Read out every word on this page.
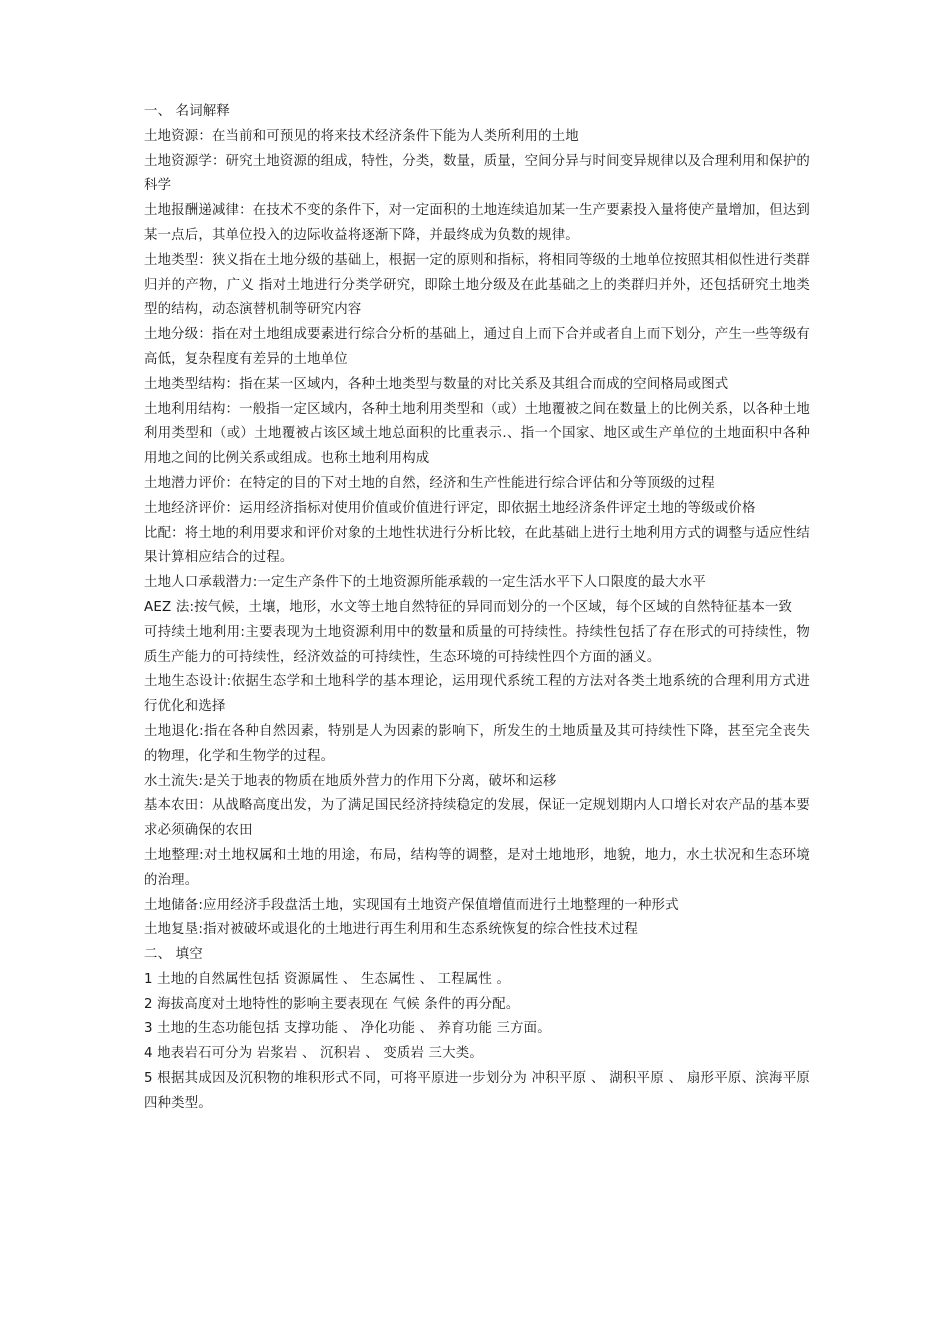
一、 名词解释

土地资源：在当前和可预见的将来技术经济条件下能为人类所利用的土地

土地资源学：研究土地资源的组成，特性，分类，数量，质量，空间分异与时间变异规律以及合理利用和保护的科学

土地报酬递减律：在技术不变的条件下，对一定面积的土地连续追加某一生产要素投入量将使产量增加，但达到某一点后，其单位投入的边际收益将逐渐下降，并最终成为负数的规律。

土地类型：狭义指在土地分级的基础上，根据一定的原则和指标，将相同等级的土地单位按照其相似性进行类群归并的产物，广义 指对土地进行分类学研究，即除土地分级及在此基础之上的类群归并外，还包括研究土地类型的结构，动态演替机制等研究内容

土地分级：指在对土地组成要素进行综合分析的基础上，通过自上而下合并或者自上而下划分，产生一些等级有高低，复杂程度有差异的土地单位

土地类型结构：指在某一区域内，各种土地类型与数量的对比关系及其组合而成的空间格局或图式

土地利用结构：一般指一定区域内，各种土地利用类型和（或）土地覆被之间在数量上的比例关系，以各种土地利用类型和（或）土地覆被占该区域土地总面积的比重表示.、指一个国家、地区或生产单位的土地面积中各种用地之间的比例关系或组成。也称土地利用构成

土地潜力评价：在特定的目的下对土地的自然，经济和生产性能进行综合评估和分等顶级的过程

土地经济评价：运用经济指标对使用价值或价值进行评定，即依据土地经济条件评定土地的等级或价格

比配：将土地的利用要求和评价对象的土地性状进行分析比较，在此基础上进行土地利用方式的调整与适应性结果计算相应结合的过程。

土地人口承载潜力:一定生产条件下的土地资源所能承载的一定生活水平下人口限度的最大水平

AEZ 法:按气候，土壤，地形，水文等土地自然特征的异同而划分的一个区域，每个区域的自然特征基本一致

可持续土地利用:主要表现为土地资源利用中的数量和质量的可持续性。持续性包括了存在形式的可持续性，物质生产能力的可持续性，经济效益的可持续性，生态环境的可持续性四个方面的涵义。

土地生态设计:依据生态学和土地科学的基本理论，运用现代系统工程的方法对各类土地系统的合理利用方式进行优化和选择

土地退化:指在各种自然因素，特别是人为因素的影响下，所发生的土地质量及其可持续性下降，甚至完全丧失的物理，化学和生物学的过程。

水土流失:是关于地表的物质在地质外营力的作用下分离，破坏和运移

基本农田：从战略高度出发，为了满足国民经济持续稳定的发展，保证一定规划期内人口增长对农产品的基本要求必须确保的农田

土地整理:对土地权属和土地的用途，布局，结构等的调整，是对土地地形，地貌，地力，水土状况和生态环境的治理。

土地储备:应用经济手段盘活土地，实现国有土地资产保值增值而进行土地整理的一种形式

土地复垦:指对被破坏或退化的土地进行再生利用和生态系统恢复的综合性技术过程

二、 填空

1 土地的自然属性包括 资源属性 、 生态属性 、 工程属性 。

2 海拔高度对土地特性的影响主要表现在 气候 条件的再分配。

3 土地的生态功能包括 支撑功能 、 净化功能 、 养育功能 三方面。

4 地表岩石可分为 岩浆岩 、 沉积岩 、 变质岩 三大类。

5 根据其成因及沉积物的堆积形式不同，可将平原进一步划分为 冲积平原 、 湖积平原 、 扇形平原、滨海平原 四种类型。
